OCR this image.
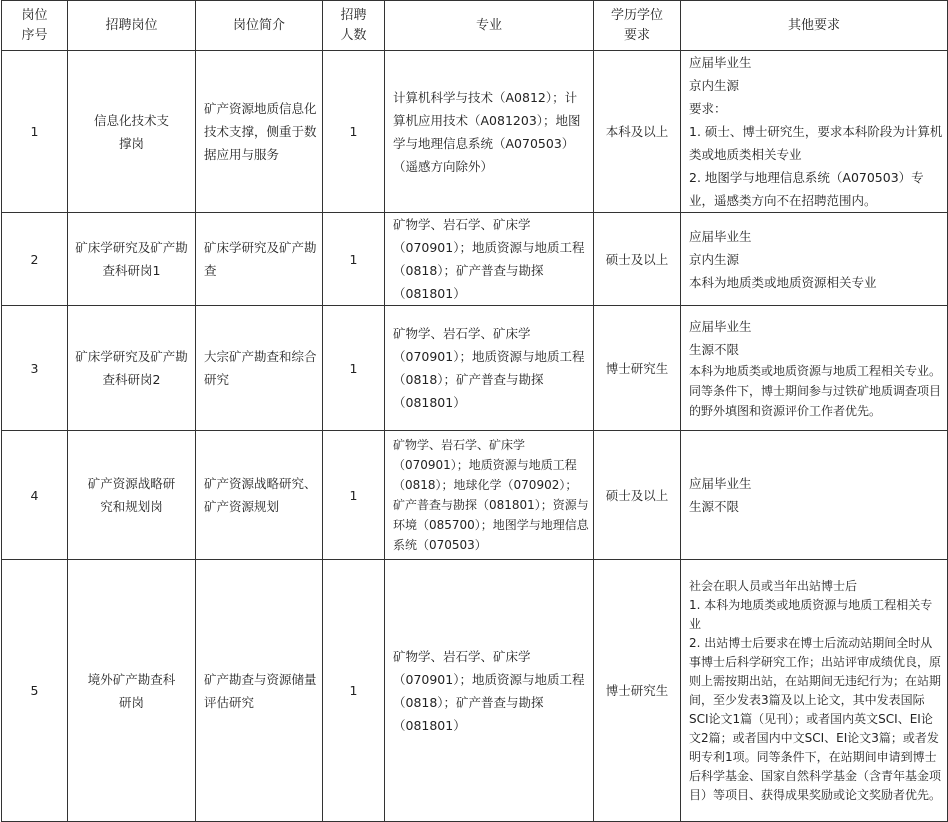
岗位序号	招聘岗位	岗位简介	招聘人数	专业	学历学位要求	其他要求
1	信息化技术支撑岗	矿产资源地质信息化技术支撑，侧重于数据应用与服务	1	计算机科学与技术（A0812）；计算机应用技术（A081203）；地图学与地理信息系统（A070503）（遥感方向除外）	本科及以上	应届毕业生
京内生源
要求：
1. 硕士、博士研究生，要求本科阶段为计算机类或地质类相关专业
2. 地图学与地理信息系统（A070503）专业，遥感类方向不在招聘范围内。

2	矿床学研究及矿产勘查科研岗1	矿床学研究及矿产勘查	1	矿物学、岩石学、矿床学（070901）；地质资源与地质工程（0818）；矿产普查与勘探（081801）	硕士及以上	应届毕业生
京内生源
本科为地质类或地质资源相关专业

3	矿床学研究及矿产勘查科研岗2	大宗矿产勘查和综合研究	1	矿物学、岩石学、矿床学（070901）；地质资源与地质工程（0818）；矿产普查与勘探（081801）	博士研究生	应届毕业生
生源不限
本科为地质类或地质资源与地质工程相关专业。同等条件下，博士期间参与过铁矿地质调查项目的野外填图和资源评价工作者优先。

4	矿产资源战略研究和规划岗	矿产资源战略研究、矿产资源规划	1	矿物学、岩石学、矿床学（070901）；地质资源与地质工程（0818）；地球化学（070902）；矿产普查与勘探（081801）；资源与环境（085700）；地图学与地理信息系统（070503）	硕士及以上	应届毕业生
生源不限

5	境外矿产勘查科研岗	矿产勘查与资源储量评估研究	1	矿物学、岩石学、矿床学（070901）；地质资源与地质工程（0818）；矿产普查与勘探（081801）	博士研究生	社会在职人员或当年出站博士后
1. 本科为地质类或地质资源与地质工程相关专业
2. 出站博士后要求在博士后流动站期间全时从事博士后科学研究工作；出站评审成绩优良，原则上需按期出站，在站期间无违纪行为；在站期间，至少发表3篇及以上论文，其中发表国际SCI论文1篇（见刊）；或者国内英文SCI、EI论文2篇；或者国内中文SCI、EI论文3篇；或者发明专利1项。同等条件下，在站期间申请到博士后科学基金、国家自然科学基金（含青年基金项目）等项目、获得成果奖励或论文奖励者优先。
